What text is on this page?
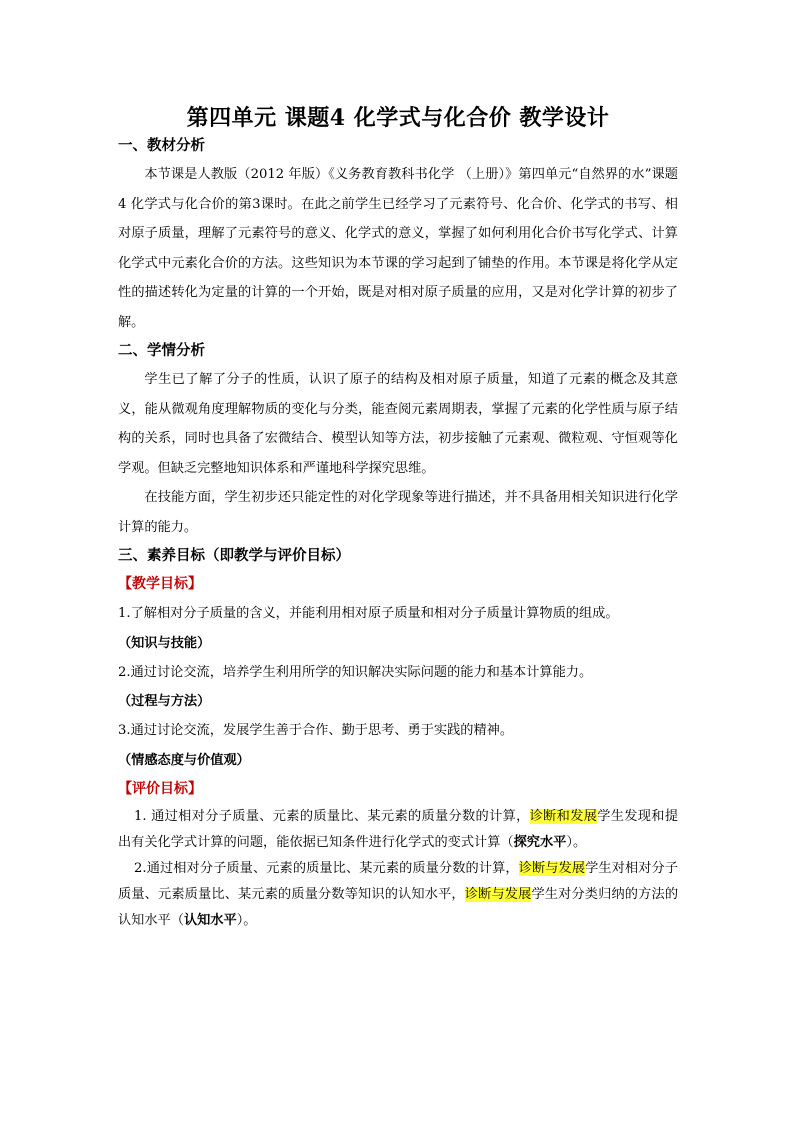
第四单元 课题4 化学式与化合价 教学设计
一、教材分析

本节课是人教版（2012 年版）《义务教育教科书化学 （上册）》第四单元“自然界的水”课题4 化学式与化合价的第3课时。在此之前学生已经学习了元素符号、化合价、化学式的书写、相对原子质量，理解了元素符号的意义、化学式的意义，掌握了如何利用化合价书写化学式、计算化学式中元素化合价的方法。这些知识为本节课的学习起到了铺垫的作用。本节课是将化学从定性的描述转化为定量的计算的一个开始，既是对相对原子质量的应用，又是对化学计算的初步了解。

二、学情分析

学生已了解了分子的性质，认识了原子的结构及相对原子质量，知道了元素的概念及其意义，能从微观角度理解物质的变化与分类，能查阅元素周期表，掌握了元素的化学性质与原子结构的关系，同时也具备了宏微结合、模型认知等方法，初步接触了元素观、微粒观、守恒观等化学观。但缺乏完整地知识体系和严谨地科学探究思维。

在技能方面，学生初步还只能定性的对化学现象等进行描述，并不具备用相关知识进行化学计算的能力。

三、素养目标（即教学与评价目标）
【教学目标】

1.了解相对分子质量的含义，并能利用相对原子质量和相对分子质量计算物质的组成。

（知识与技能）

2.通过讨论交流，培养学生利用所学的知识解决实际问题的能力和基本计算能力。

（过程与方法）

3.通过讨论交流，发展学生善于合作、勤于思考、勇于实践的精神。

（情感态度与价值观）
【评价目标】

1. 通过相对分子质量、元素的质量比、某元素的质量分数的计算，诊断和发展学生发现和提出有关化学式计算的问题，能依据已知条件进行化学式的变式计算（探究水平）。

2.通过相对分子质量、元素的质量比、某元素的质量分数的计算，诊断与发展学生对相对分子质量、元素质量比、某元素的质量分数等知识的认知水平，诊断与发展学生对分类归纳的方法的认知水平（认知水平）。
